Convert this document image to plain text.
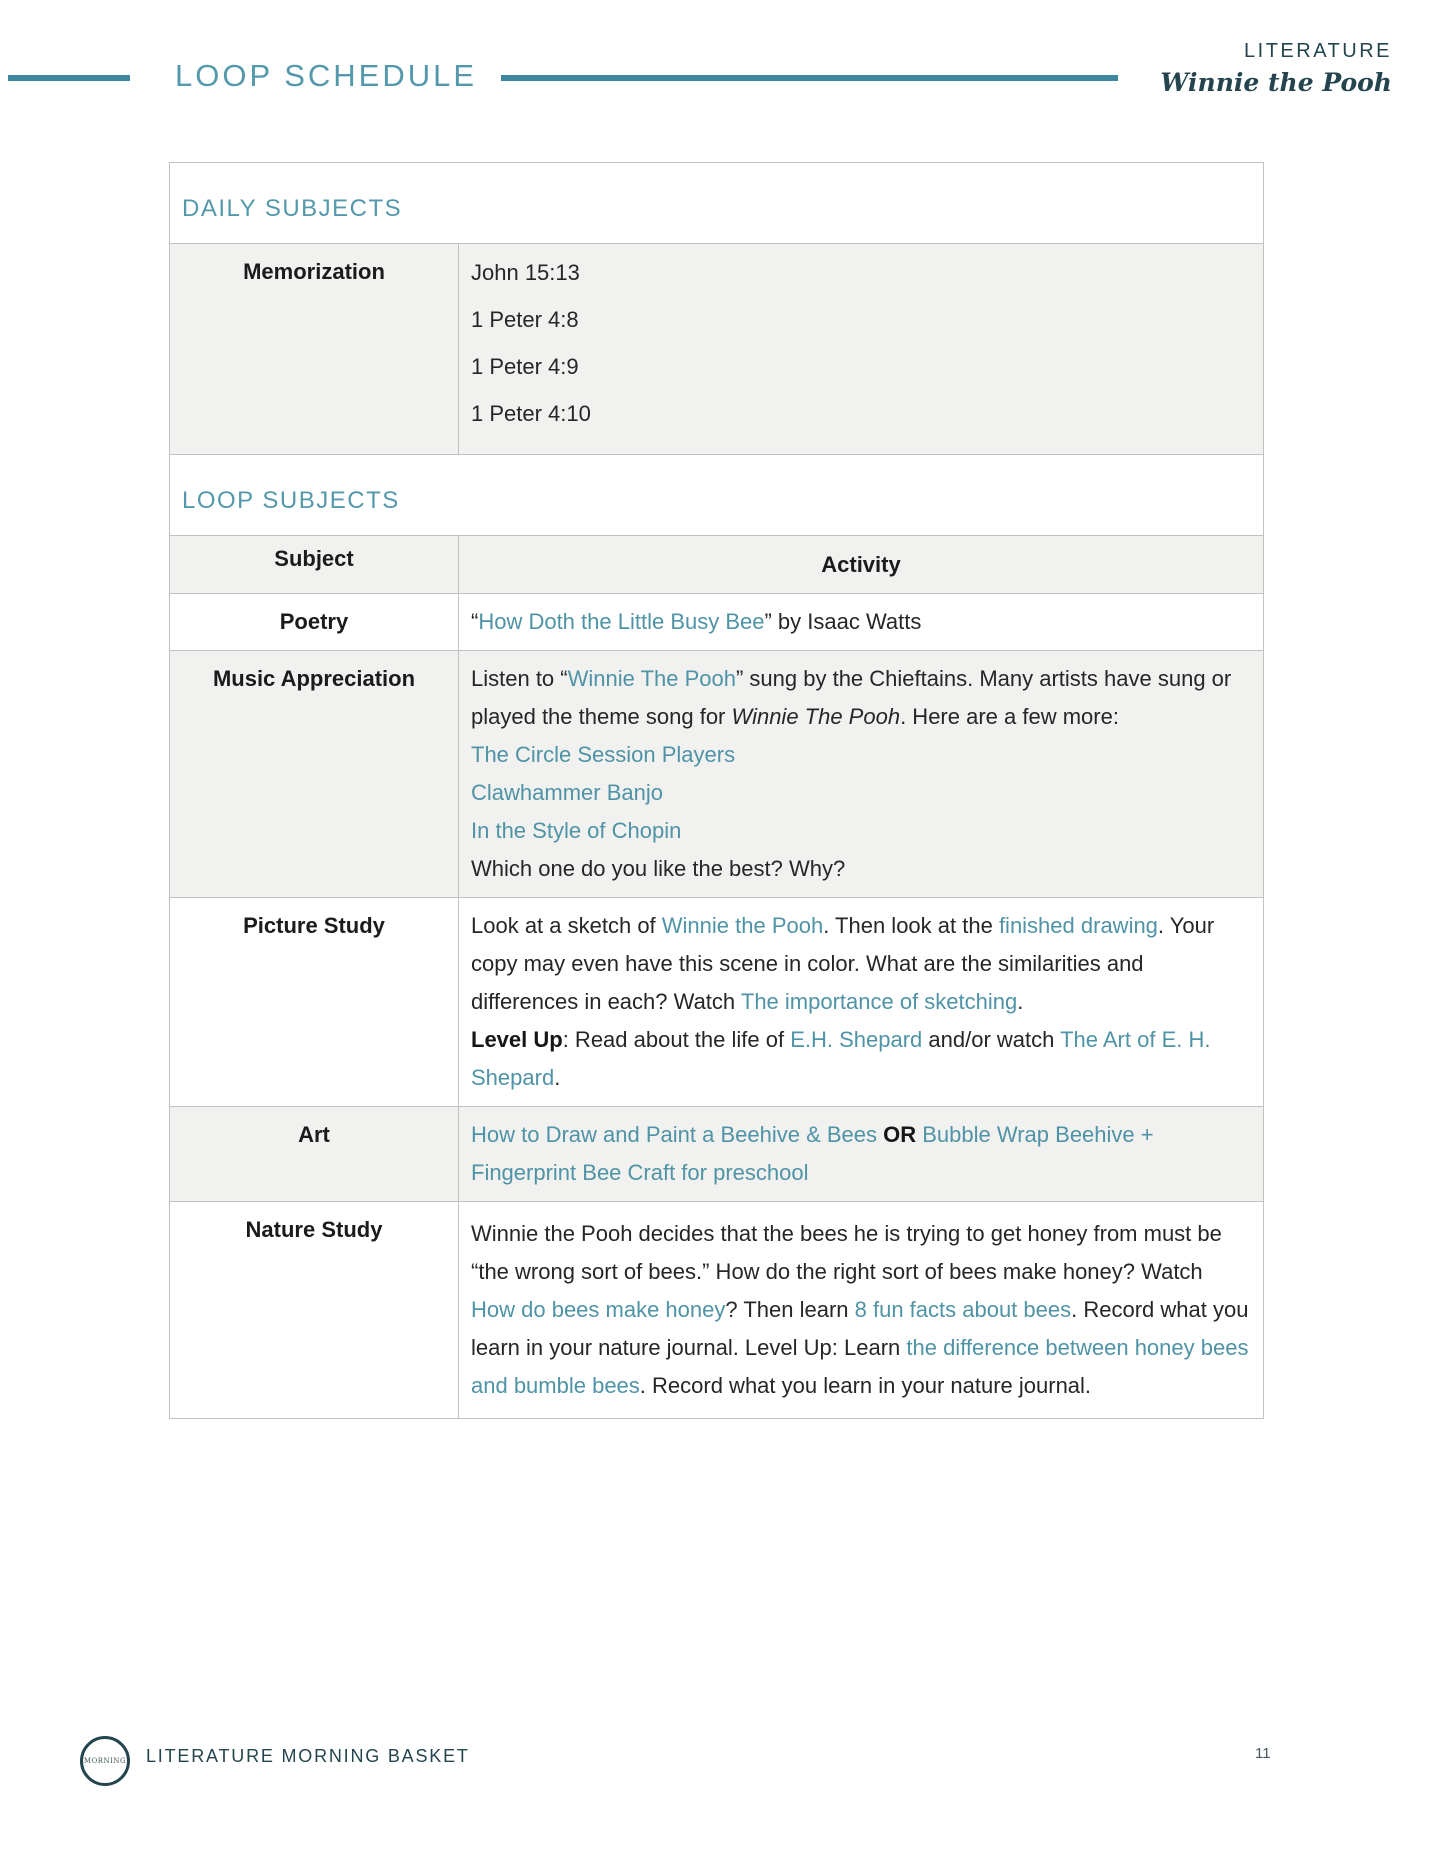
LOOP SCHEDULE
LITERATURE
Winnie the Pooh
DAILY SUBJECTS
Memorization	John 15:13

1 Peter 4:8

1 Peter 4:9

1 Peter 4:10

LOOP SUBJECTS
Subject	Activity
Poetry	“How Doth the Little Busy Bee” by Isaac Watts

Music Appreciation	Listen to “Winnie The Pooh” sung by the Chieftains. Many artists have sung or played the theme song for Winnie The Pooh. Here are a few more:

The Circle Session Players

Clawhammer Banjo

In the Style of Chopin

Which one do you like the best? Why?

Picture Study	Look at a sketch of Winnie the Pooh. Then look at the finished drawing. Your copy may even have this scene in color. What are the similarities and differences in each? Watch The importance of sketching.

Level Up: Read about the life of E.H. Shepard and/or watch The Art of E. H. Shepard.

Art	How to Draw and Paint a Beehive & Bees OR Bubble Wrap Beehive + Fingerprint Bee Craft for preschool

Nature Study	Winnie the Pooh decides that the bees he is trying to get honey from must be “the wrong sort of bees.” How do the right sort of bees make honey? Watch How do bees make honey? Then learn 8 fun facts about bees. Record what you learn in your nature journal. Level Up: Learn the difference between honey bees and bumble bees. Record what you learn in your nature journal.

MORNING LITERATURE MORNING BASKET	11
